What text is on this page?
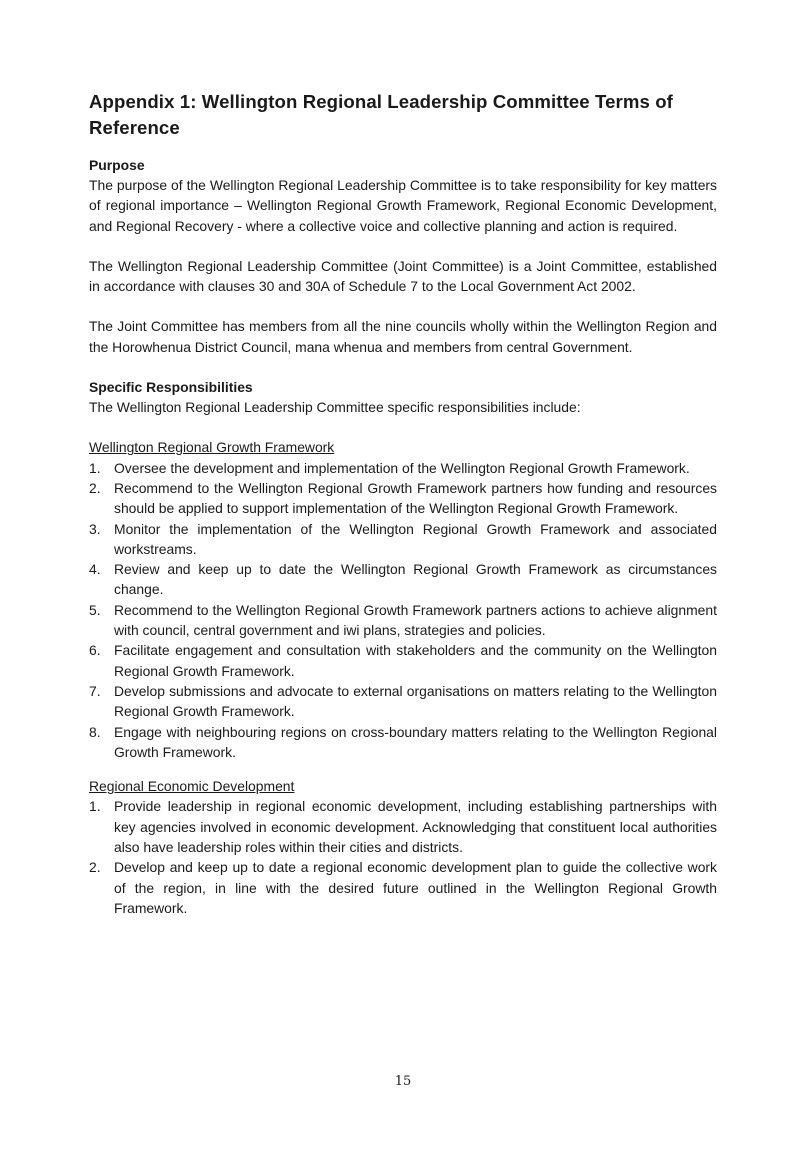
Appendix 1: Wellington Regional Leadership Committee Terms of Reference
Purpose

The purpose of the Wellington Regional Leadership Committee is to take responsibility for key matters of regional importance – Wellington Regional Growth Framework, Regional Economic Development, and Regional Recovery - where a collective voice and collective planning and action is required.

The Wellington Regional Leadership Committee (Joint Committee) is a Joint Committee, established in accordance with clauses 30 and 30A of Schedule 7 to the Local Government Act 2002.

The Joint Committee has members from all the nine councils wholly within the Wellington Region and the Horowhenua District Council, mana whenua and members from central Government.

Specific Responsibilities

The Wellington Regional Leadership Committee specific responsibilities include:

Wellington Regional Growth Framework

1. Oversee the development and implementation of the Wellington Regional Growth Framework.
2. Recommend to the Wellington Regional Growth Framework partners how funding and resources should be applied to support implementation of the Wellington Regional Growth Framework.
3. Monitor the implementation of the Wellington Regional Growth Framework and associated workstreams.
4. Review and keep up to date the Wellington Regional Growth Framework as circumstances change.
5. Recommend to the Wellington Regional Growth Framework partners actions to achieve alignment with council, central government and iwi plans, strategies and policies.
6. Facilitate engagement and consultation with stakeholders and the community on the Wellington Regional Growth Framework.
7. Develop submissions and advocate to external organisations on matters relating to the Wellington Regional Growth Framework.
8. Engage with neighbouring regions on cross-boundary matters relating to the Wellington Regional Growth Framework.

Regional Economic Development

1. Provide leadership in regional economic development, including establishing partnerships with key agencies involved in economic development. Acknowledging that constituent local authorities also have leadership roles within their cities and districts.
2. Develop and keep up to date a regional economic development plan to guide the collective work of the region, in line with the desired future outlined in the Wellington Regional Growth Framework.
15
